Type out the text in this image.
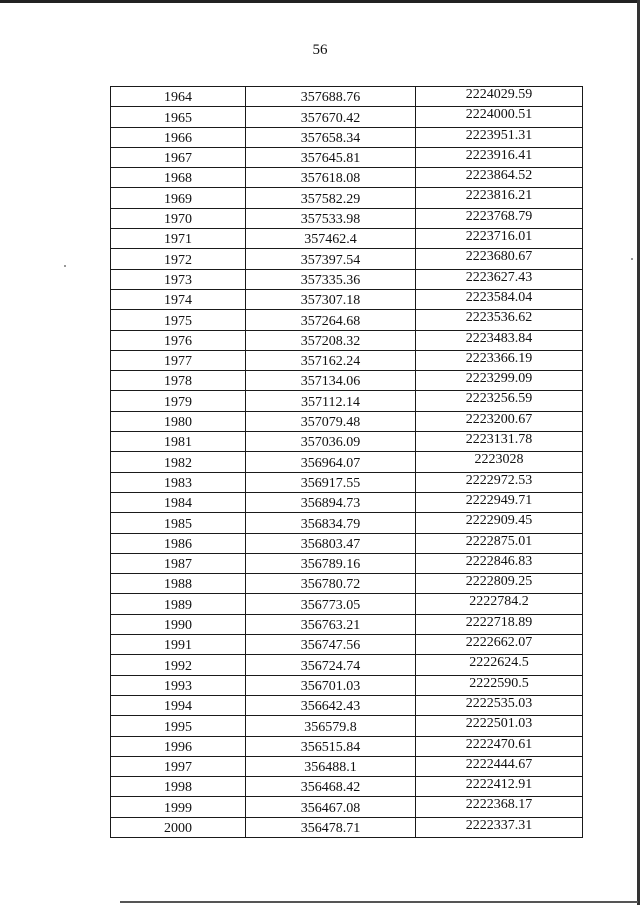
56
1964	357688.76	2224029.59
1965	357670.42	2224000.51
1966	357658.34	2223951.31
1967	357645.81	2223916.41
1968	357618.08	2223864.52
1969	357582.29	2223816.21
1970	357533.98	2223768.79
1971	357462.4	2223716.01
1972	357397.54	2223680.67
1973	357335.36	2223627.43
1974	357307.18	2223584.04
1975	357264.68	2223536.62
1976	357208.32	2223483.84
1977	357162.24	2223366.19
1978	357134.06	2223299.09
1979	357112.14	2223256.59
1980	357079.48	2223200.67
1981	357036.09	2223131.78
1982	356964.07	2223028
1983	356917.55	2222972.53
1984	356894.73	2222949.71
1985	356834.79	2222909.45
1986	356803.47	2222875.01
1987	356789.16	2222846.83
1988	356780.72	2222809.25
1989	356773.05	2222784.2
1990	356763.21	2222718.89
1991	356747.56	2222662.07
1992	356724.74	2222624.5
1993	356701.03	2222590.5
1994	356642.43	2222535.03
1995	356579.8	2222501.03
1996	356515.84	2222470.61
1997	356488.1	2222444.67
1998	356468.42	2222412.91
1999	356467.08	2222368.17
2000	356478.71	2222337.31
